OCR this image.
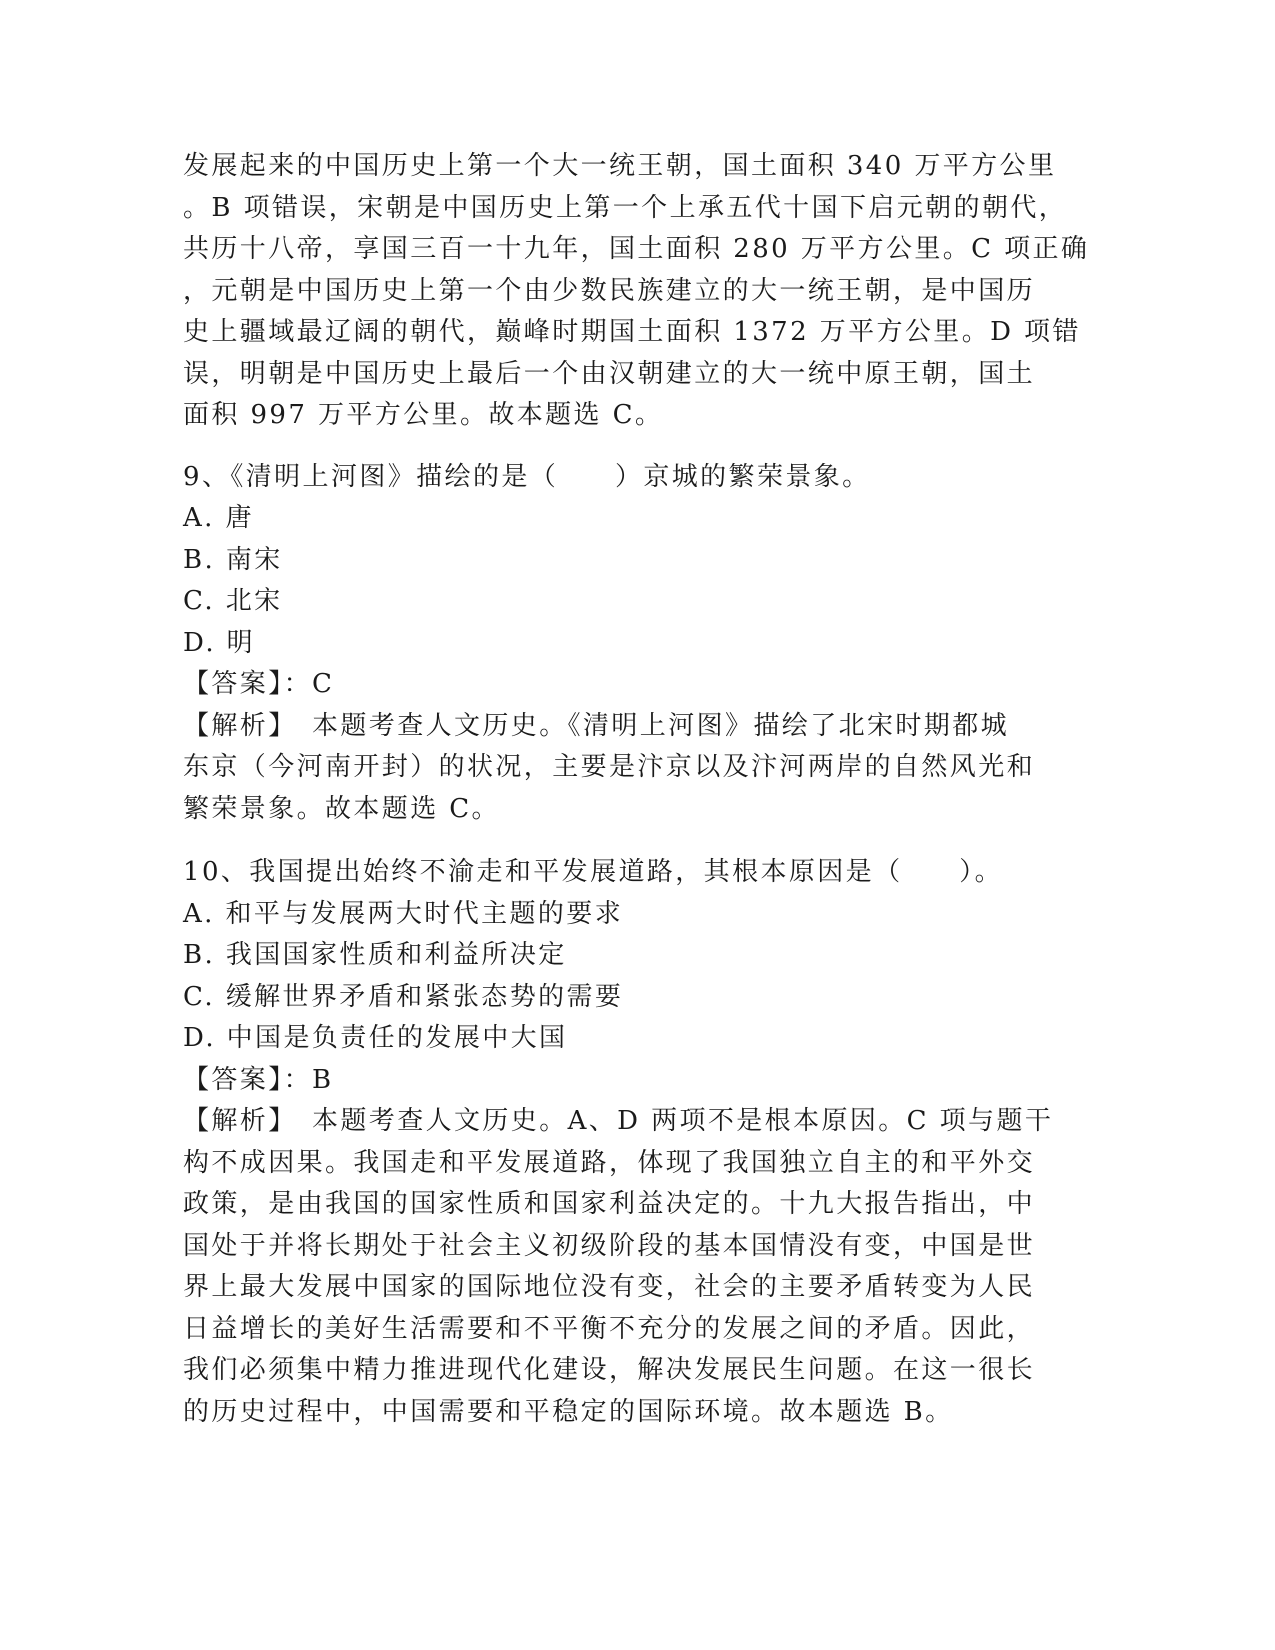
发展起来的中国历史上第一个大一统王朝，国土面积 340 万平方公里

。B 项错误，宋朝是中国历史上第一个上承五代十国下启元朝的朝代，

共历十八帝，享国三百一十九年，国土面积 280 万平方公里。C 项正确

，元朝是中国历史上第一个由少数民族建立的大一统王朝，是中国历

史上疆域最辽阔的朝代，巅峰时期国土面积 1372 万平方公里。D 项错

误，明朝是中国历史上最后一个由汉朝建立的大一统中原王朝，国土

面积 997 万平方公里。故本题选 C。

9、《清明上河图》描绘的是（　　）京城的繁荣景象。

A. 唐

B. 南宋

C. 北宋

D. 明

【答案】：C

【解析】　本题考查人文历史。《清明上河图》描绘了北宋时期都城

东京（今河南开封）的状况，主要是汴京以及汴河两岸的自然风光和

繁荣景象。故本题选 C。

10、我国提出始终不渝走和平发展道路，其根本原因是（　　）。

A. 和平与发展两大时代主题的要求

B. 我国国家性质和利益所决定

C. 缓解世界矛盾和紧张态势的需要

D. 中国是负责任的发展中大国

【答案】：B

【解析】　本题考查人文历史。A、D 两项不是根本原因。C 项与题干

构不成因果。我国走和平发展道路，体现了我国独立自主的和平外交

政策，是由我国的国家性质和国家利益决定的。十九大报告指出，中

国处于并将长期处于社会主义初级阶段的基本国情没有变，中国是世

界上最大发展中国家的国际地位没有变，社会的主要矛盾转变为人民

日益增长的美好生活需要和不平衡不充分的发展之间的矛盾。因此，

我们必须集中精力推进现代化建设，解决发展民生问题。在这一很长

的历史过程中，中国需要和平稳定的国际环境。故本题选 B。
